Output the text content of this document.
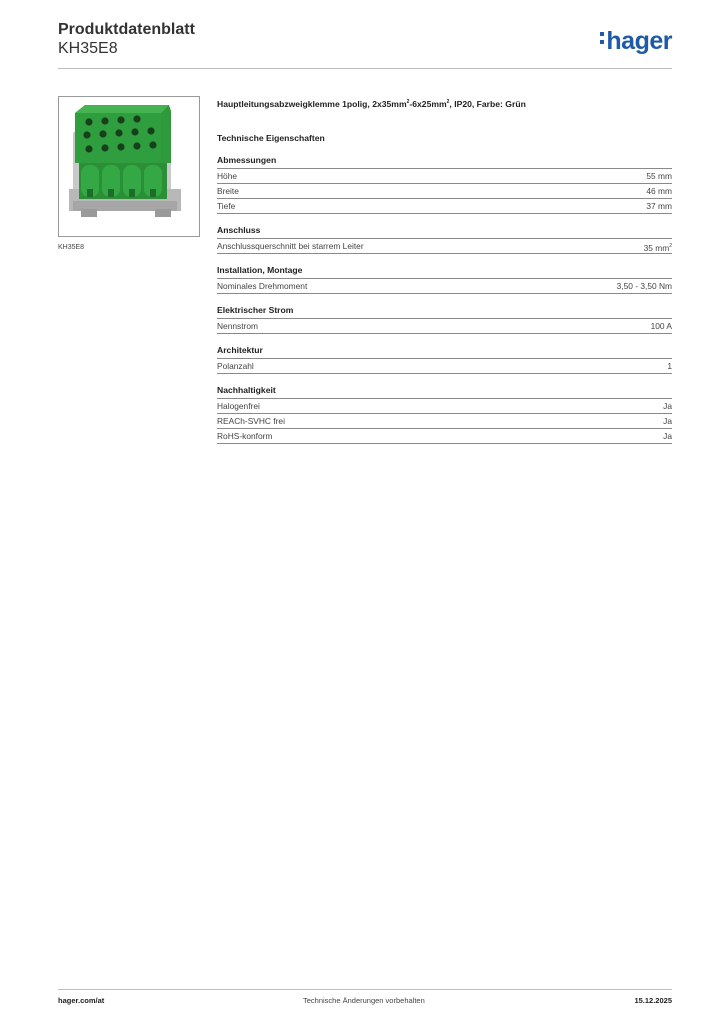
Produktdatenblatt

KH35E8	hager
KH35E8

Hauptleitungsabzweigklemme 1polig, $2x35mm^2-6x25mm^2$, IP20, Farbe: Grün

Technische Eigenschaften
Abmessungen
Höhe	55 mm
Breite	46 mm
Tiefe	37 mm
Anschluss
Anschlussquerschnitt bei starrem Leiter	35 $mm^2$
Installation, Montage
Nominales Drehmoment	3,50 - 3,50 Nm
Elektrischer Strom
Nennstrom	100 A
Architektur
Polanzahl	1
Nachhaltigkeit
Halogenfrei	Ja
REACh-SVHC frei	Ja
RoHS-konform	Ja
hager.com/at	Technische Änderungen vorbehalten	15.12.2025
